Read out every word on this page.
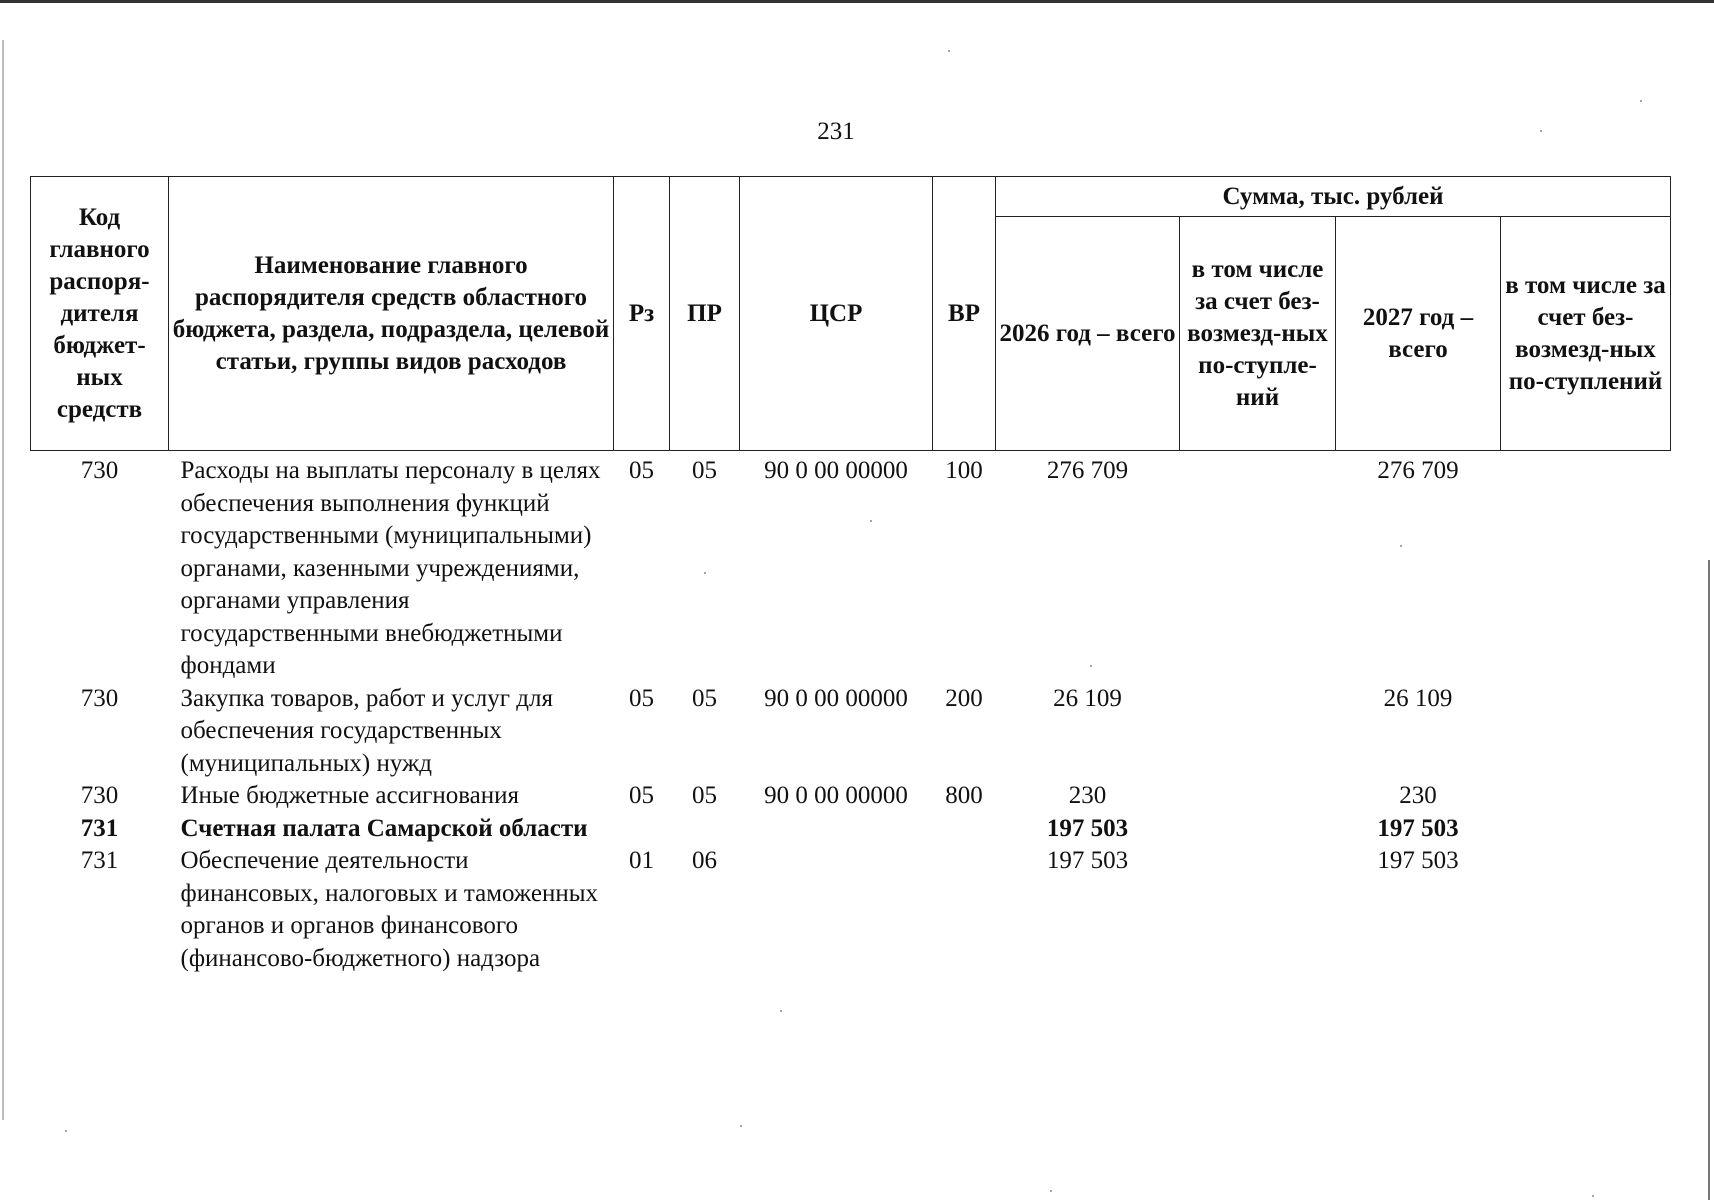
231
Код главного распоря-дителя бюджет-ных средств	Наименование главного распорядителя средств областного бюджета, раздела, подраздела, целевой статьи, группы видов расходов	Рз	ПР	ЦСР	ВР	Сумма, тыс. рублей			
						2026 год – всего	в том числе за счет без-возмезд-ных по-ступле-ний	2027 год – всего	в том числе за счет без-возмезд-ных по-ступлений
730	Расходы на выплаты персоналу в целях обеспечения выполнения функций государственными (муниципальными) органами, казенными учреждениями, органами управления государственными внебюджетными фондами	05	05	90 0 00 00000	100	276 709		276 709	
730	Закупка товаров, работ и услуг для обеспечения государственных (муниципальных) нужд	05	05	90 0 00 00000	200	26 109		26 109	
730	Иные бюджетные ассигнования	05	05	90 0 00 00000	800	230		230	
731	Счетная палата Самарской области					197 503		197 503	
731	Обеспечение деятельности финансовых, налоговых и таможенных органов и органов финансового (финансово-бюджетного) надзора	01	06			197 503		197 503	
